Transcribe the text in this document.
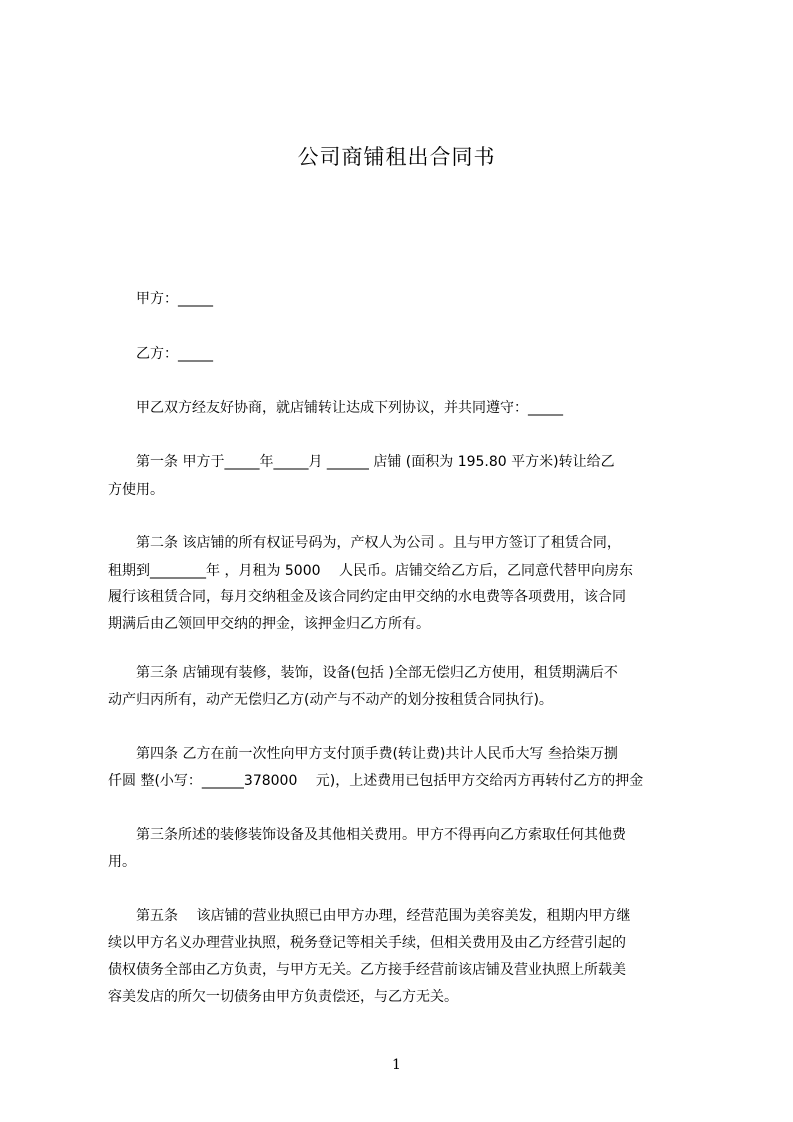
公司商铺租出合同书

　　甲方：_____

　　乙方：_____

　　甲乙双方经友好协商，就店铺转让达成下列协议，并共同遵守：_____

　　第一条 甲方于_____年_____月 ______ 店铺 (面积为 195.80 平方米)转让给乙

方使用。

　　第二条 该店铺的所有权证号码为，产权人为公司 。且与甲方签订了租赁合同，

租期到________年 ，月租为 5000 　人民币。店铺交给乙方后，乙同意代替甲向房东

履行该租赁合同，每月交纳租金及该合同约定由甲交纳的水电费等各项费用，该合同

期满后由乙领回甲交纳的押金，该押金归乙方所有。

　　第三条 店铺现有装修，装饰，设备(包括 )全部无偿归乙方使用，租赁期满后不

动产归丙所有，动产无偿归乙方(动产与不动产的划分按租赁合同执行)。

　　第四条 乙方在前一次性向甲方支付顶手费(转让费)共计人民币大写 叁拾柒万捌

仟圆 整(小写：______378000 　元)，上述费用已包括甲方交给丙方再转付乙方的押金

　　第三条所述的装修装饰设备及其他相关费用。甲方不得再向乙方索取任何其他费

用。

　　第五条 　该店铺的营业执照已由甲方办理，经营范围为美容美发，租期内甲方继

续以甲方名义办理营业执照，税务登记等相关手续，但相关费用及由乙方经营引起的

债权债务全部由乙方负责，与甲方无关。乙方接手经营前该店铺及营业执照上所载美

容美发店的所欠一切债务由甲方负责偿还，与乙方无关。

1
